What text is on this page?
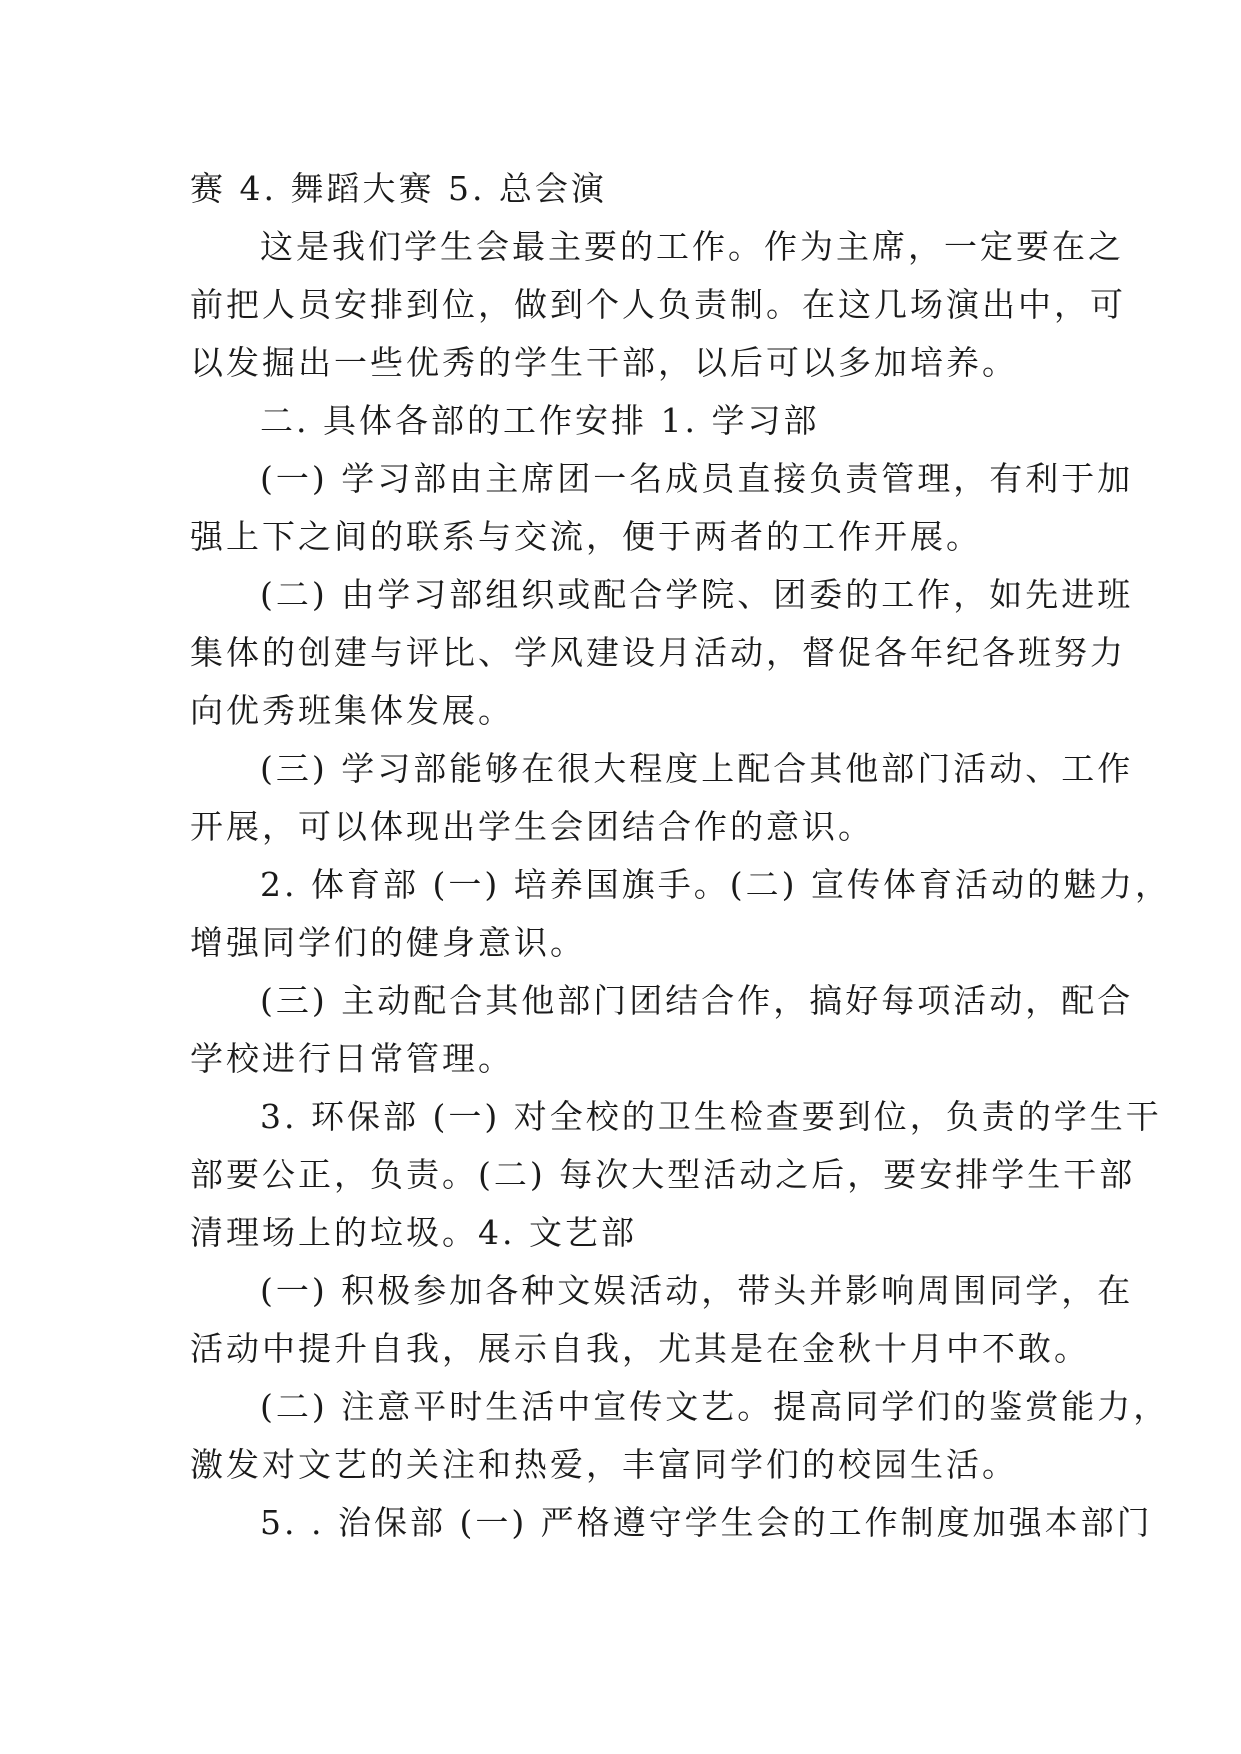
赛 4. 舞蹈大赛 5. 总会演
这是我们学生会最主要的工作。作为主席，一定要在之
前把人员安排到位，做到个人负责制。在这几场演出中，可
以发掘出一些优秀的学生干部，以后可以多加培养。
二. 具体各部的工作安排 1. 学习部
(一) 学习部由主席团一名成员直接负责管理，有利于加
强上下之间的联系与交流，便于两者的工作开展。
(二) 由学习部组织或配合学院、团委的工作，如先进班
集体的创建与评比、学风建设月活动，督促各年纪各班努力
向优秀班集体发展。
(三) 学习部能够在很大程度上配合其他部门活动、工作
开展，可以体现出学生会团结合作的意识。
2. 体育部 (一) 培养国旗手。(二) 宣传体育活动的魅力，
增强同学们的健身意识。
(三) 主动配合其他部门团结合作，搞好每项活动，配合
学校进行日常管理。
3. 环保部 (一) 对全校的卫生检查要到位，负责的学生干
部要公正，负责。(二) 每次大型活动之后，要安排学生干部
清理场上的垃圾。4. 文艺部
(一) 积极参加各种文娱活动，带头并影响周围同学，在
活动中提升自我，展示自我，尤其是在金秋十月中不敢。
(二) 注意平时生活中宣传文艺。提高同学们的鉴赏能力，
激发对文艺的关注和热爱，丰富同学们的校园生活。
5. . 治保部 (一) 严格遵守学生会的工作制度加强本部门
